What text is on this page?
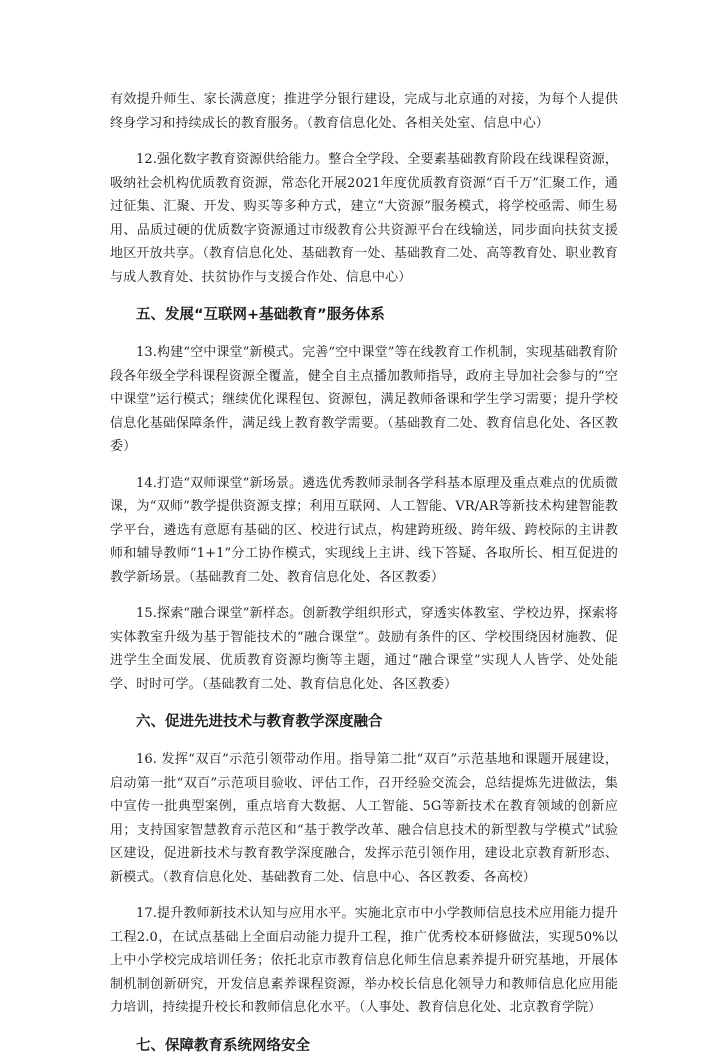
有效提升师生、家长满意度；推进学分银行建设，完成与北京通的对接，为每个人提供终身学习和持续成长的教育服务。（教育信息化处、各相关处室、信息中心）

12.强化数字教育资源供给能力。整合全学段、全要素基础教育阶段在线课程资源，吸纳社会机构优质教育资源，常态化开展2021年度优质教育资源“百千万”汇聚工作，通过征集、汇聚、开发、购买等多种方式，建立“大资源”服务模式，将学校亟需、师生易用、品质过硬的优质数字资源通过市级教育公共资源平台在线输送，同步面向扶贫支援地区开放共享。（教育信息化处、基础教育一处、基础教育二处、高等教育处、职业教育与成人教育处、扶贫协作与支援合作处、信息中心）

五、发展“互联网+基础教育”服务体系

13.构建“空中课堂”新模式。完善“空中课堂”等在线教育工作机制，实现基础教育阶段各年级全学科课程资源全覆盖，健全自主点播加教师指导，政府主导加社会参与的“空中课堂”运行模式；继续优化课程包、资源包，满足教师备课和学生学习需要；提升学校信息化基础保障条件，满足线上教育教学需要。（基础教育二处、教育信息化处、各区教委）

14.打造“双师课堂”新场景。遴选优秀教师录制各学科基本原理及重点难点的优质微课，为“双师”教学提供资源支撑；利用互联网、人工智能、VR/AR等新技术构建智能教学平台，遴选有意愿有基础的区、校进行试点，构建跨班级、跨年级、跨校际的主讲教师和辅导教师“1+1”分工协作模式，实现线上主讲、线下答疑、各取所长、相互促进的教学新场景。（基础教育二处、教育信息化处、各区教委）

15.探索“融合课堂”新样态。创新教学组织形式，穿透实体教室、学校边界，探索将实体教室升级为基于智能技术的“融合课堂”。鼓励有条件的区、学校围绕因材施教、促进学生全面发展、优质教育资源均衡等主题，通过“融合课堂”实现人人皆学、处处能学、时时可学。（基础教育二处、教育信息化处、各区教委）

六、促进先进技术与教育教学深度融合

16. 发挥“双百”示范引领带动作用。指导第二批“双百”示范基地和课题开展建设，启动第一批“双百”示范项目验收、评估工作，召开经验交流会，总结提炼先进做法，集中宣传一批典型案例，重点培育大数据、人工智能、5G等新技术在教育领域的创新应用；支持国家智慧教育示范区和“基于教学改革、融合信息技术的新型教与学模式”试验区建设，促进新技术与教育教学深度融合，发挥示范引领作用，建设北京教育新形态、新模式。（教育信息化处、基础教育二处、信息中心、各区教委、各高校）

17.提升教师新技术认知与应用水平。实施北京市中小学教师信息技术应用能力提升工程2.0，在试点基础上全面启动能力提升工程，推广优秀校本研修做法，实现50%以上中小学校完成培训任务；依托北京市教育信息化师生信息素养提升研究基地，开展体制机制创新研究，开发信息素养课程资源，举办校长信息化领导力和教师信息化应用能力培训，持续提升校长和教师信息化水平。（人事处、教育信息化处、北京教育学院）

七、保障教育系统网络安全
